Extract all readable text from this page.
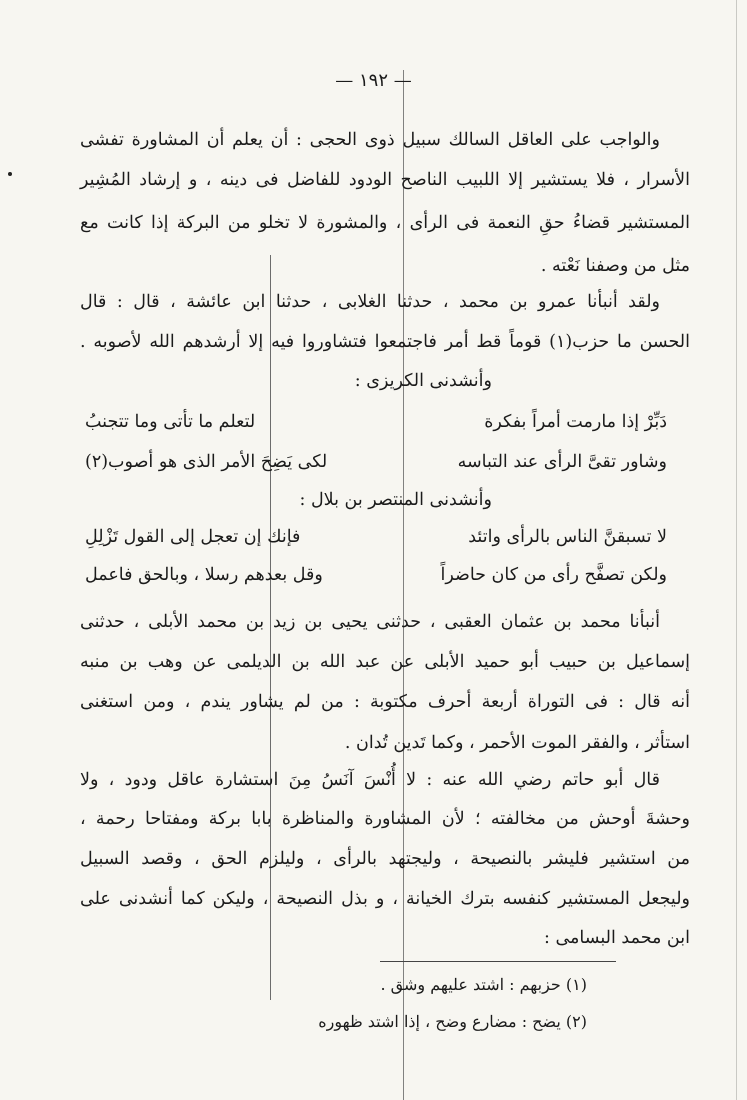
— ١٩٢ —
والواجب على العاقل السالك سبيل ذوى الحجى : أن يعلم أن المشاورة تفشى
الأسرار ، فلا يستشير إلا اللبيب الناصح الودود للفاضل فى دينه ، و إرشاد المُشِير
المستشير قضاءُ حقِ النعمة فى الرأى ، والمشورة لا تخلو من البركة إذا كانت مع
مثل من وصفنا نَعْته .
ولقد أنبأنا عمرو بن محمد ، حدثنا الغلابى ، حدثنا ابن عائشة ، قال : قال
الحسن ما حزب(١) قوماً قط أمر فاجتمعوا فتشاوروا فيه إلا أرشدهم الله لأصوبه .
وأنشدنى الكريزى :
دَبِّرْ إذا مارمت أمراً بفكرة
لتعلم ما تأتى وما تتجنبُ
وشاور تقىَّ الرأى عند التباسه
لكى يَضِحَ الأمر الذى هو أصوب(٢)
وأنشدنى المنتصر بن بلال :
لا تسبقنَّ الناس بالرأى واتئد
فإنك إن تعجل إلى القول تَزْلِلِ
ولكن تصفَّح رأى من كان حاضراً
وقل بعدهم رسلا ، وبالحق فاعمل
أنبأنا محمد بن عثمان العقبى ، حدثنى يحيى بن زيد بن محمد الأبلى ، حدثنى
إسماعيل بن حبيب أبو حميد الأبلى عن عبد الله بن الديلمى عن وهب بن منبه
أنه قال : فى التوراة أربعة أحرف مكتوبة : من لم يشاور يندم ، ومن استغنى
استأثر ، والفقر الموت الأحمر ، وكما تَدين تُدان .
قال أبو حاتم رضي الله عنه : لا أُنْسَ آنَسُ مِنَ استشارة عاقل ودود ، ولا
وحشةَ أوحش من مخالفته ؛ لأن المشاورة والمناظرة بابا بركة ومفتاحا رحمة ،
من استشير فليشر بالنصيحة ، وليجتهد بالرأى ، وليلزم الحق ، وقصد السبيل
وليجعل المستشير كنفسه بترك الخيانة ، و بذل النصيحة ، وليكن كما أنشدنى على
ابن محمد البسامى :
(١) حزبهم : اشتد عليهم وشق .
(٢) يضح : مضارع وضح ، إذا اشتد ظهوره
